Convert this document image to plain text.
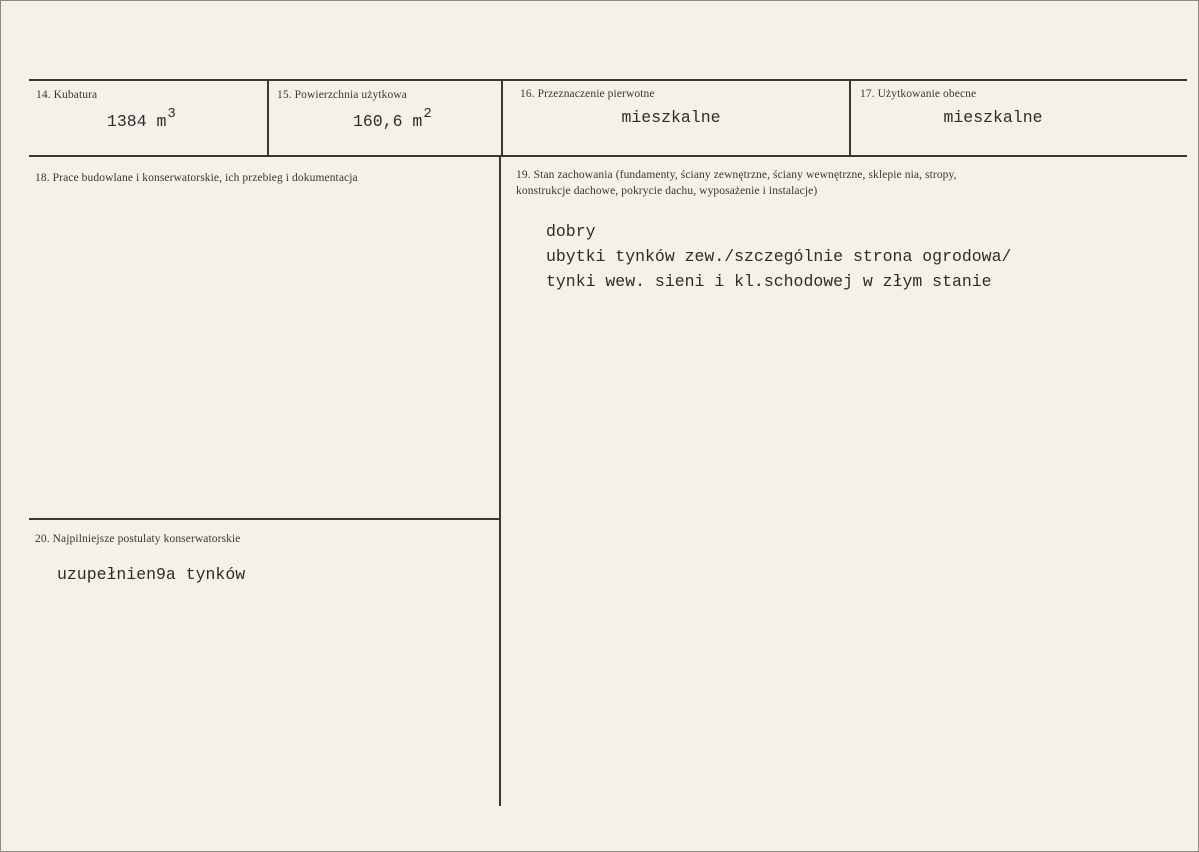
14. Kubatura
1384 $m^3$
15. Powierzchnia użytkowa
160,6 $m^2$
16. Przeznaczenie pierwotne
mieszkalne
17. Użytkowanie obecne
mieszkalne
18. Prace budowlane i konserwatorskie, ich przebieg i dokumentacja	19. Stan zachowania (fundamenty, ściany zewnętrzne, ściany wewnętrzne, sklepie nia, stropy,
konstrukcje dachowe, pokrycie dachu, wyposażenie i instalacje)
dobry
ubytki tynków zew./szczególnie strona ogrodowa/
tynki wew. sieni i kl.schodowej w złym stanie
20. Najpilniejsze postulaty konserwatorskie
uzupełnien9a tynków
